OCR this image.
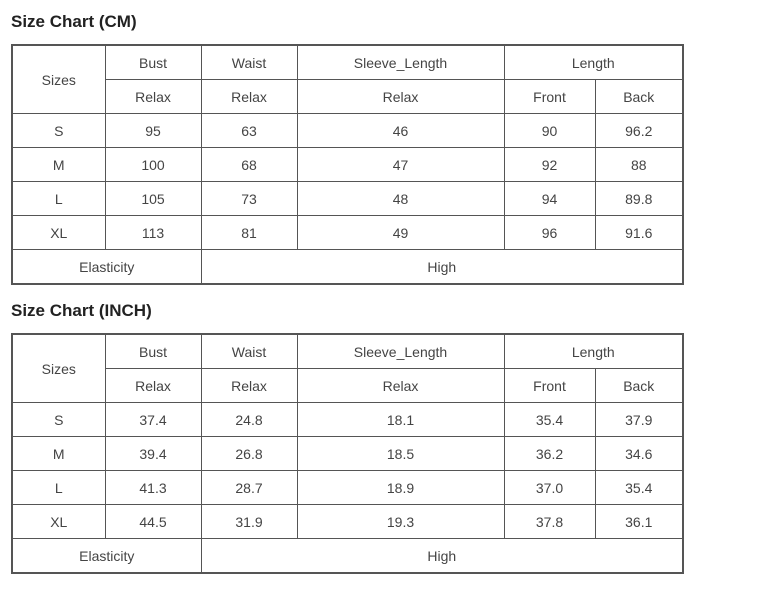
Size Chart (CM)
Sizes	Bust	Waist	Sleeve_Length	Length	
	Relax	Relax	Relax	Front	Back
S	95	63	46	90	96.2
M	100	68	47	92	88
L	105	73	48	94	89.8
XL	113	81	49	96	91.6
Elasticity		High			
Size Chart (INCH)
Sizes	Bust	Waist	Sleeve_Length	Length	
	Relax	Relax	Relax	Front	Back
S	37.4	24.8	18.1	35.4	37.9
M	39.4	26.8	18.5	36.2	34.6
L	41.3	28.7	18.9	37.0	35.4
XL	44.5	31.9	19.3	37.8	36.1
Elasticity		High			
